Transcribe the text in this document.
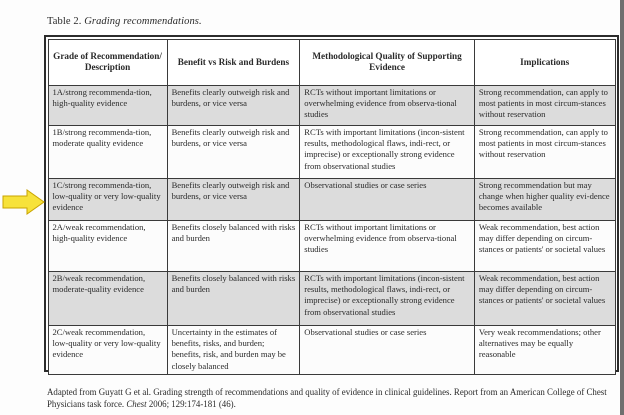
Table 2. Grading recommendations.
Grade of Recommendation/ Description	Benefit vs Risk and Burdens	Methodological Quality of Supporting Evidence	Implications
1A/strong recommenda-tion, high-quality evidence	Benefits clearly outweigh risk and burdens, or vice versa	RCTs without important limitations or overwhelming evidence from observa-tional studies	Strong recommendation, can apply to most patients in most circum-stances without reservation
1B/strong recommenda-tion, moderate quality evidence	Benefits clearly outweigh risk and burdens, or vice versa	RCTs with important limitations (incon-sistent results, methodological flaws, indi-rect, or imprecise) or exceptionally strong evidence from observational studies	Strong recommendation, can apply to most patients in most circum-stances without reservation
1C/strong recommenda-tion, low-quality or very low-quality evidence	Benefits clearly outweigh risk and burdens, or vice versa	Observational studies or case series	Strong recommendation but may change when higher quality evi-dence becomes available
2A/weak recommendation, high-quality evidence	Benefits closely balanced with risks and burden	RCTs without important limitations or overwhelming evidence from observa-tional studies	Weak recommendation, best action may differ depending on circum-stances or patients' or societal values
2B/weak recommendation, moderate-quality evidence	Benefits closely balanced with risks and burden	RCTs with important limitations (incon-sistent results, methodological flaws, indi-rect, or imprecise) or exceptionally strong evidence from observational studies	Weak recommendation, best action may differ depending on circum-stances or patients' or societal values
2C/weak recommendation, low-quality or very low-quality evidence	Uncertainty in the estimates of benefits, risks, and burden; benefits, risk, and burden may be closely balanced	Observational studies or case series	Very weak recommendations; other alternatives may be equally reasonable
Adapted from Guyatt G et al. Grading strength of recommendations and quality of evidence in clinical guidelines. Report from an American College of Chest Physicians task force. Chest 2006; 129:174-181 (46).
